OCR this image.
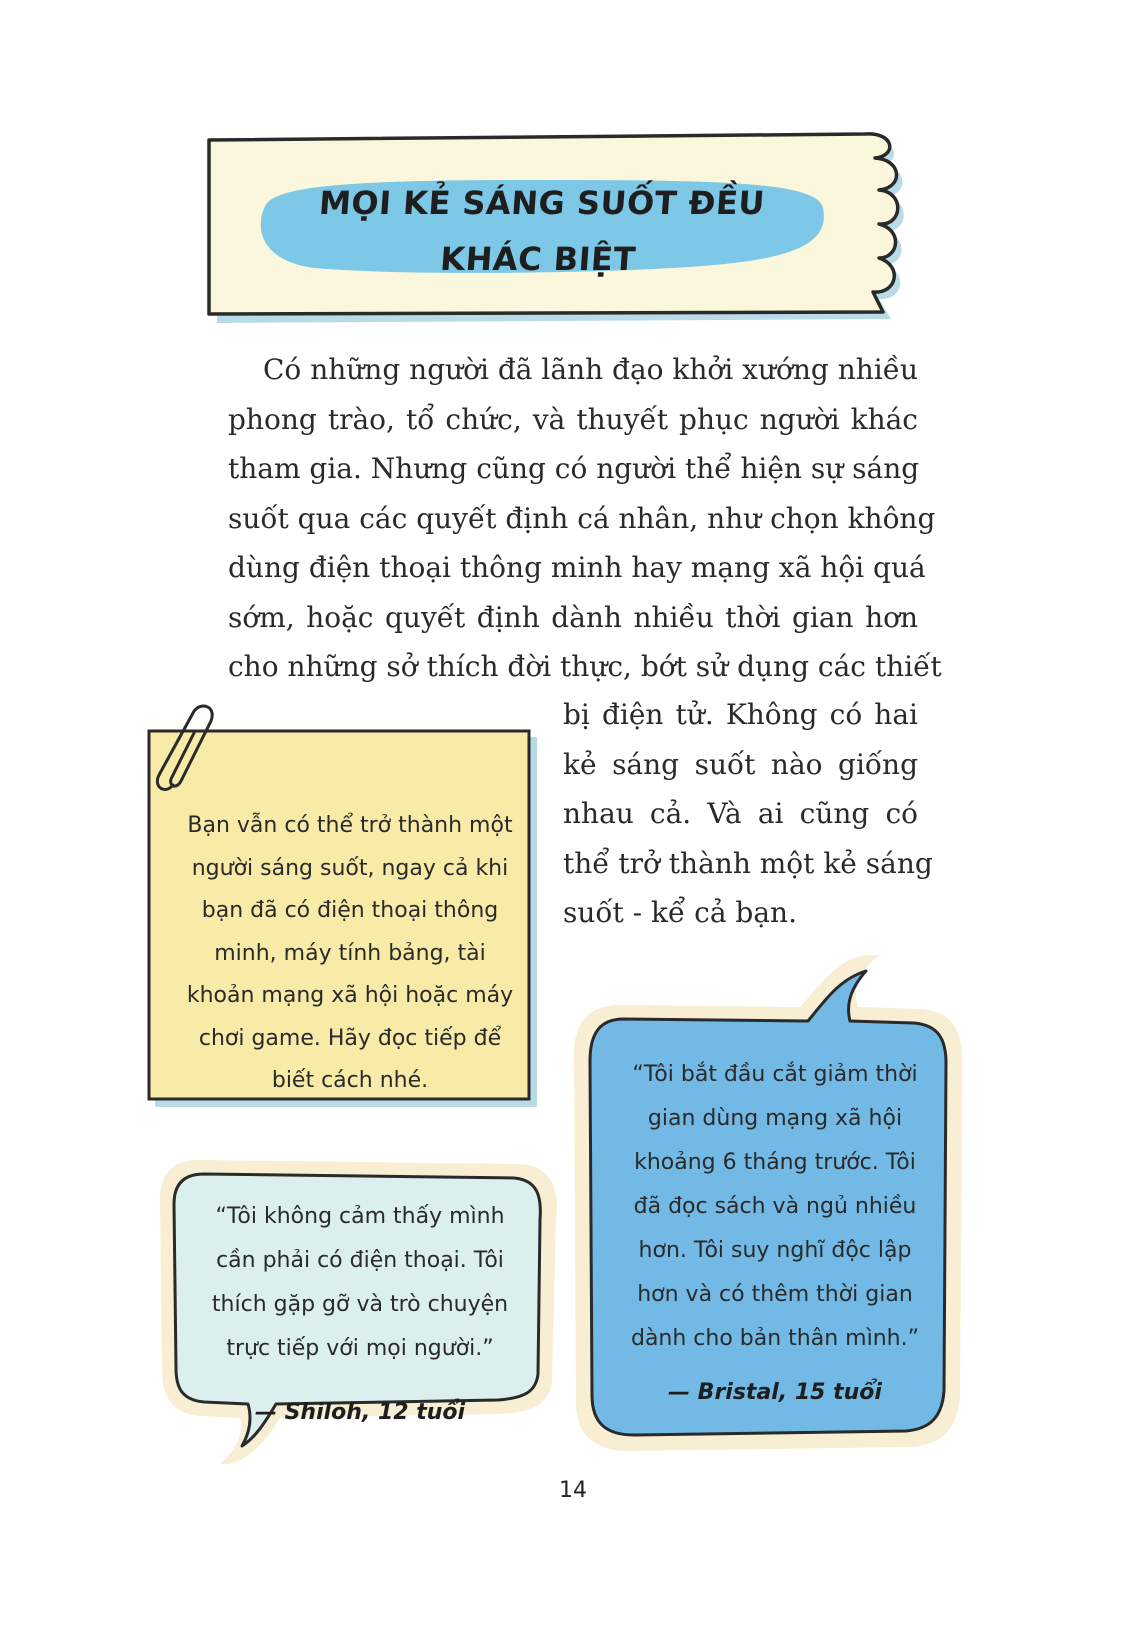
MỌI KẺ SÁNG SUỐT ĐỀU
KHÁC BIỆT
Có những người đã lãnh đạo khởi xướng nhiều
phong trào, tổ chức, và thuyết phục người khác
tham gia. Nhưng cũng có người thể hiện sự sáng
suốt qua các quyết định cá nhân, như chọn không
dùng điện thoại thông minh hay mạng xã hội quá
sớm, hoặc quyết định dành nhiều thời gian hơn
cho những sở thích đời thực, bớt sử dụng các thiết
bị điện tử. Không có hai
kẻ sáng suốt nào giống
nhau cả. Và ai cũng có
thể trở thành một kẻ sáng
suốt - kể cả bạn.
Bạn vẫn có thể trở thành một
người sáng suốt, ngay cả khi
bạn đã có điện thoại thông
minh, máy tính bảng, tài
khoản mạng xã hội hoặc máy
chơi game. Hãy đọc tiếp để
biết cách nhé.
“Tôi không cảm thấy mình
cần phải có điện thoại. Tôi
thích gặp gỡ và trò chuyện
trực tiếp với mọi người.”
— Shiloh, 12 tuổi
“Tôi bắt đầu cắt giảm thời
gian dùng mạng xã hội
khoảng 6 tháng trước. Tôi
đã đọc sách và ngủ nhiều
hơn. Tôi suy nghĩ độc lập
hơn và có thêm thời gian
dành cho bản thân mình.”
— Bristal, 15 tuổi
14
